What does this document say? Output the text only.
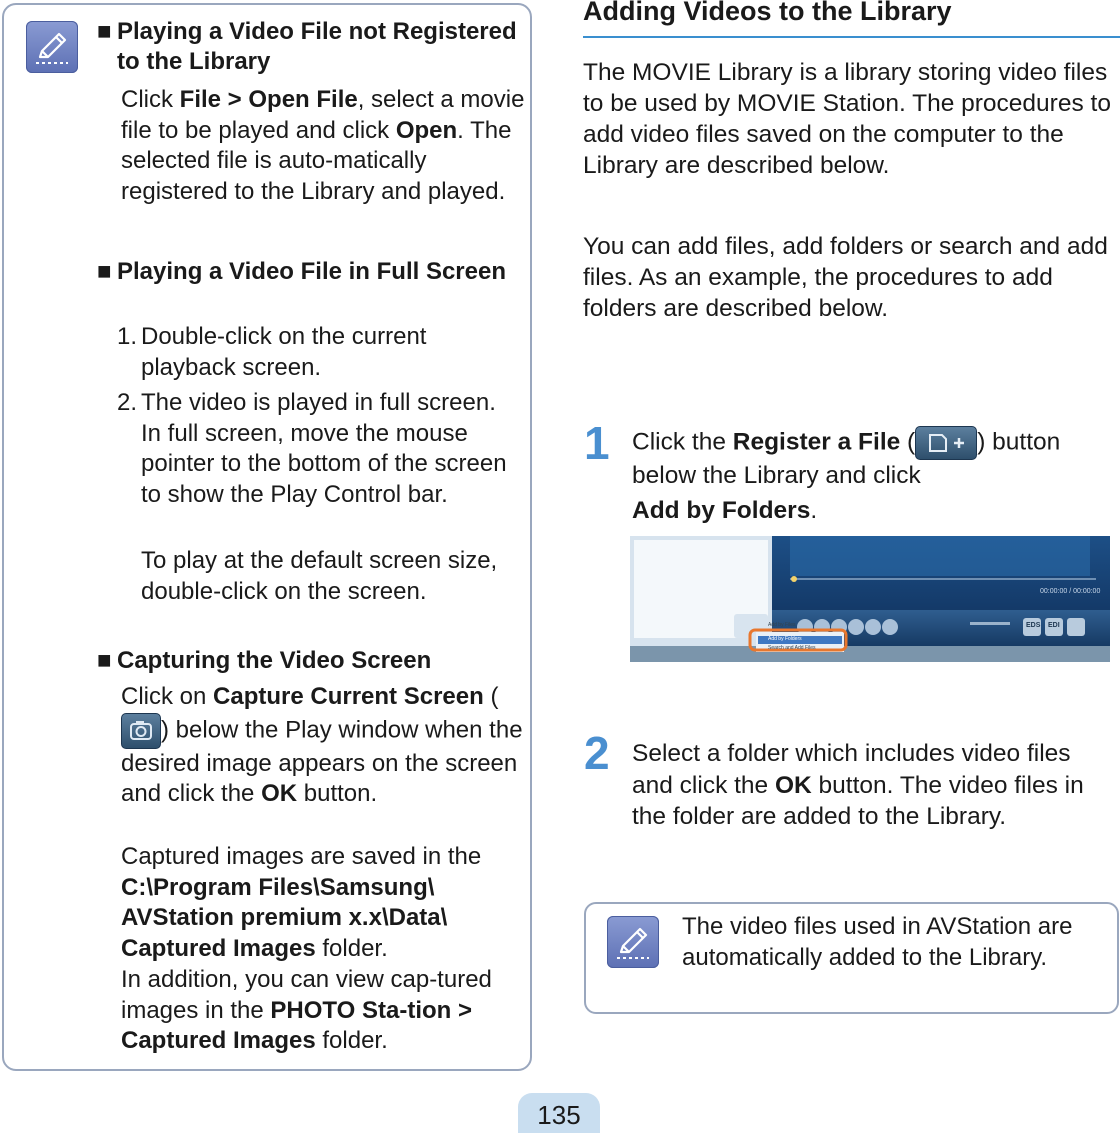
■ Playing a Video File not Registered to the Library

Click File > Open File, select a movie file to be played and click Open. The selected file is auto-matically registered to the Library and played.

■ Playing a Video File in Full Screen

1. Double-click on the current playback screen.

2. The video is played in full screen. In full screen, move the mouse pointer to the bottom of the screen to show the Play Control bar.

To play at the default screen size, double-click on the screen.

■ Capturing the Video Screen

Click on Capture Current Screen (
) below the Play window when the desired image appears on the screen and click the OK button.

Captured images are saved in the C:\Program Files\Samsung\ AVStation premium x.x\Data\ Captured Images folder.

In addition, you can view cap-tured images in the PHOTO Sta-tion > Captured Images folder.

Adding Videos to the Library

The MOVIE Library is a library storing video files to be used by MOVIE Station. The procedures to add video files saved on the computer to the Library are described below.

You can add files, add folders or search and add files. As an example, the procedures to add folders are described below.

1 Click the Register a File (	) button below the Library and click

Add by Folders.

00:00:00 / 00:00:00
Add by Files
Add by Folders
Search and Add Files
EDS EDI
2 Select a folder which includes video files and click the OK button. The video files in the folder are added to the Library.

The video files used in AVStation are automatically added to the Library.

135
